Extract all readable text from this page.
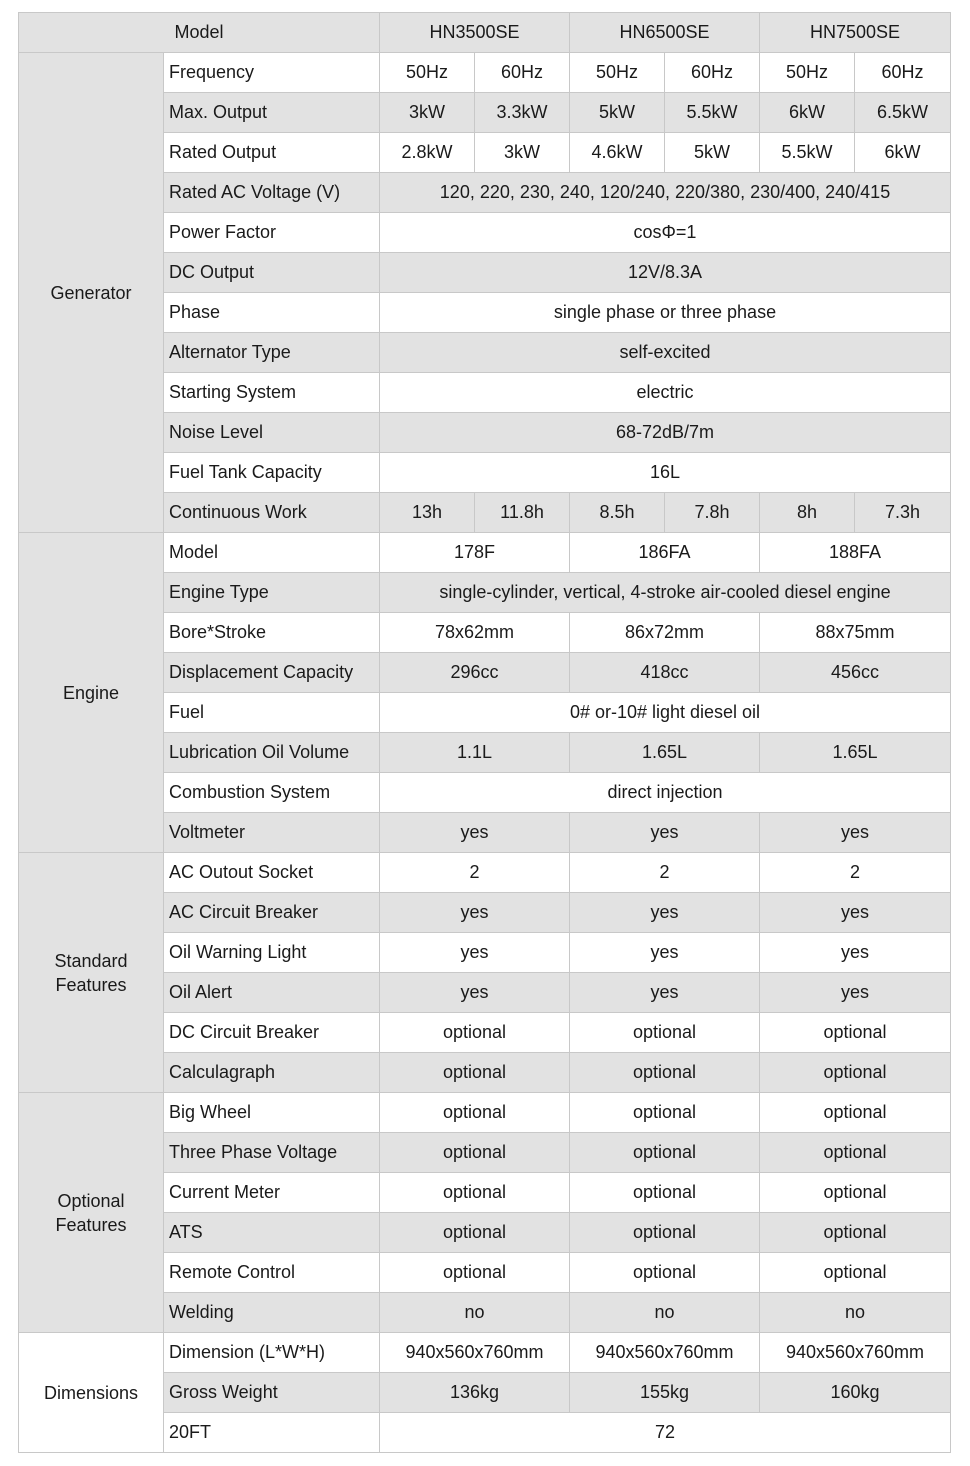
Model		HN3500SE		HN6500SE		HN7500SE	
Generator	Frequency	50Hz	60Hz	50Hz	60Hz	50Hz	60Hz
	Max. Output	3kW	3.3kW	5kW	5.5kW	6kW	6.5kW
	Rated Output	2.8kW	3kW	4.6kW	5kW	5.5kW	6kW
	Rated AC Voltage (V)	120, 220, 230, 240, 120/240, 220/380, 230/400, 240/415					
	Power Factor	cosΦ=1					
	DC Output	12V/8.3A					
	Phase	single phase or three phase					
	Alternator Type	self-excited					
	Starting System	electric					
	Noise Level	68-72dB/7m					
	Fuel Tank Capacity	16L					
	Continuous Work	13h	11.8h	8.5h	7.8h	8h	7.3h
Engine	Model	178F		186FA		188FA	
	Engine Type	single-cylinder, vertical, 4-stroke air-cooled diesel engine					
	Bore*Stroke	78x62mm		86x72mm		88x75mm	
	Displacement Capacity	296cc		418cc		456cc	
	Fuel	0# or-10# light diesel oil					
	Lubrication Oil Volume	1.1L		1.65L		1.65L	
	Combustion System	direct injection					
	Voltmeter	yes		yes		yes	
Standard
Features	AC Outout Socket	2		2		2	
	AC Circuit Breaker	yes		yes		yes	
	Oil Warning Light	yes		yes		yes	
	Oil Alert	yes		yes		yes	
	DC Circuit Breaker	optional		optional		optional	
	Calculagraph	optional		optional		optional	
Optional
Features	Big Wheel	optional		optional		optional	
	Three Phase Voltage	optional		optional		optional	
	Current Meter	optional		optional		optional	
	ATS	optional		optional		optional	
	Remote Control	optional		optional		optional	
	Welding	no		no		no	
Dimensions	Dimension (L*W*H)	940x560x760mm		940x560x760mm		940x560x760mm	
	Gross Weight	136kg		155kg		160kg	
	20FT	72					
